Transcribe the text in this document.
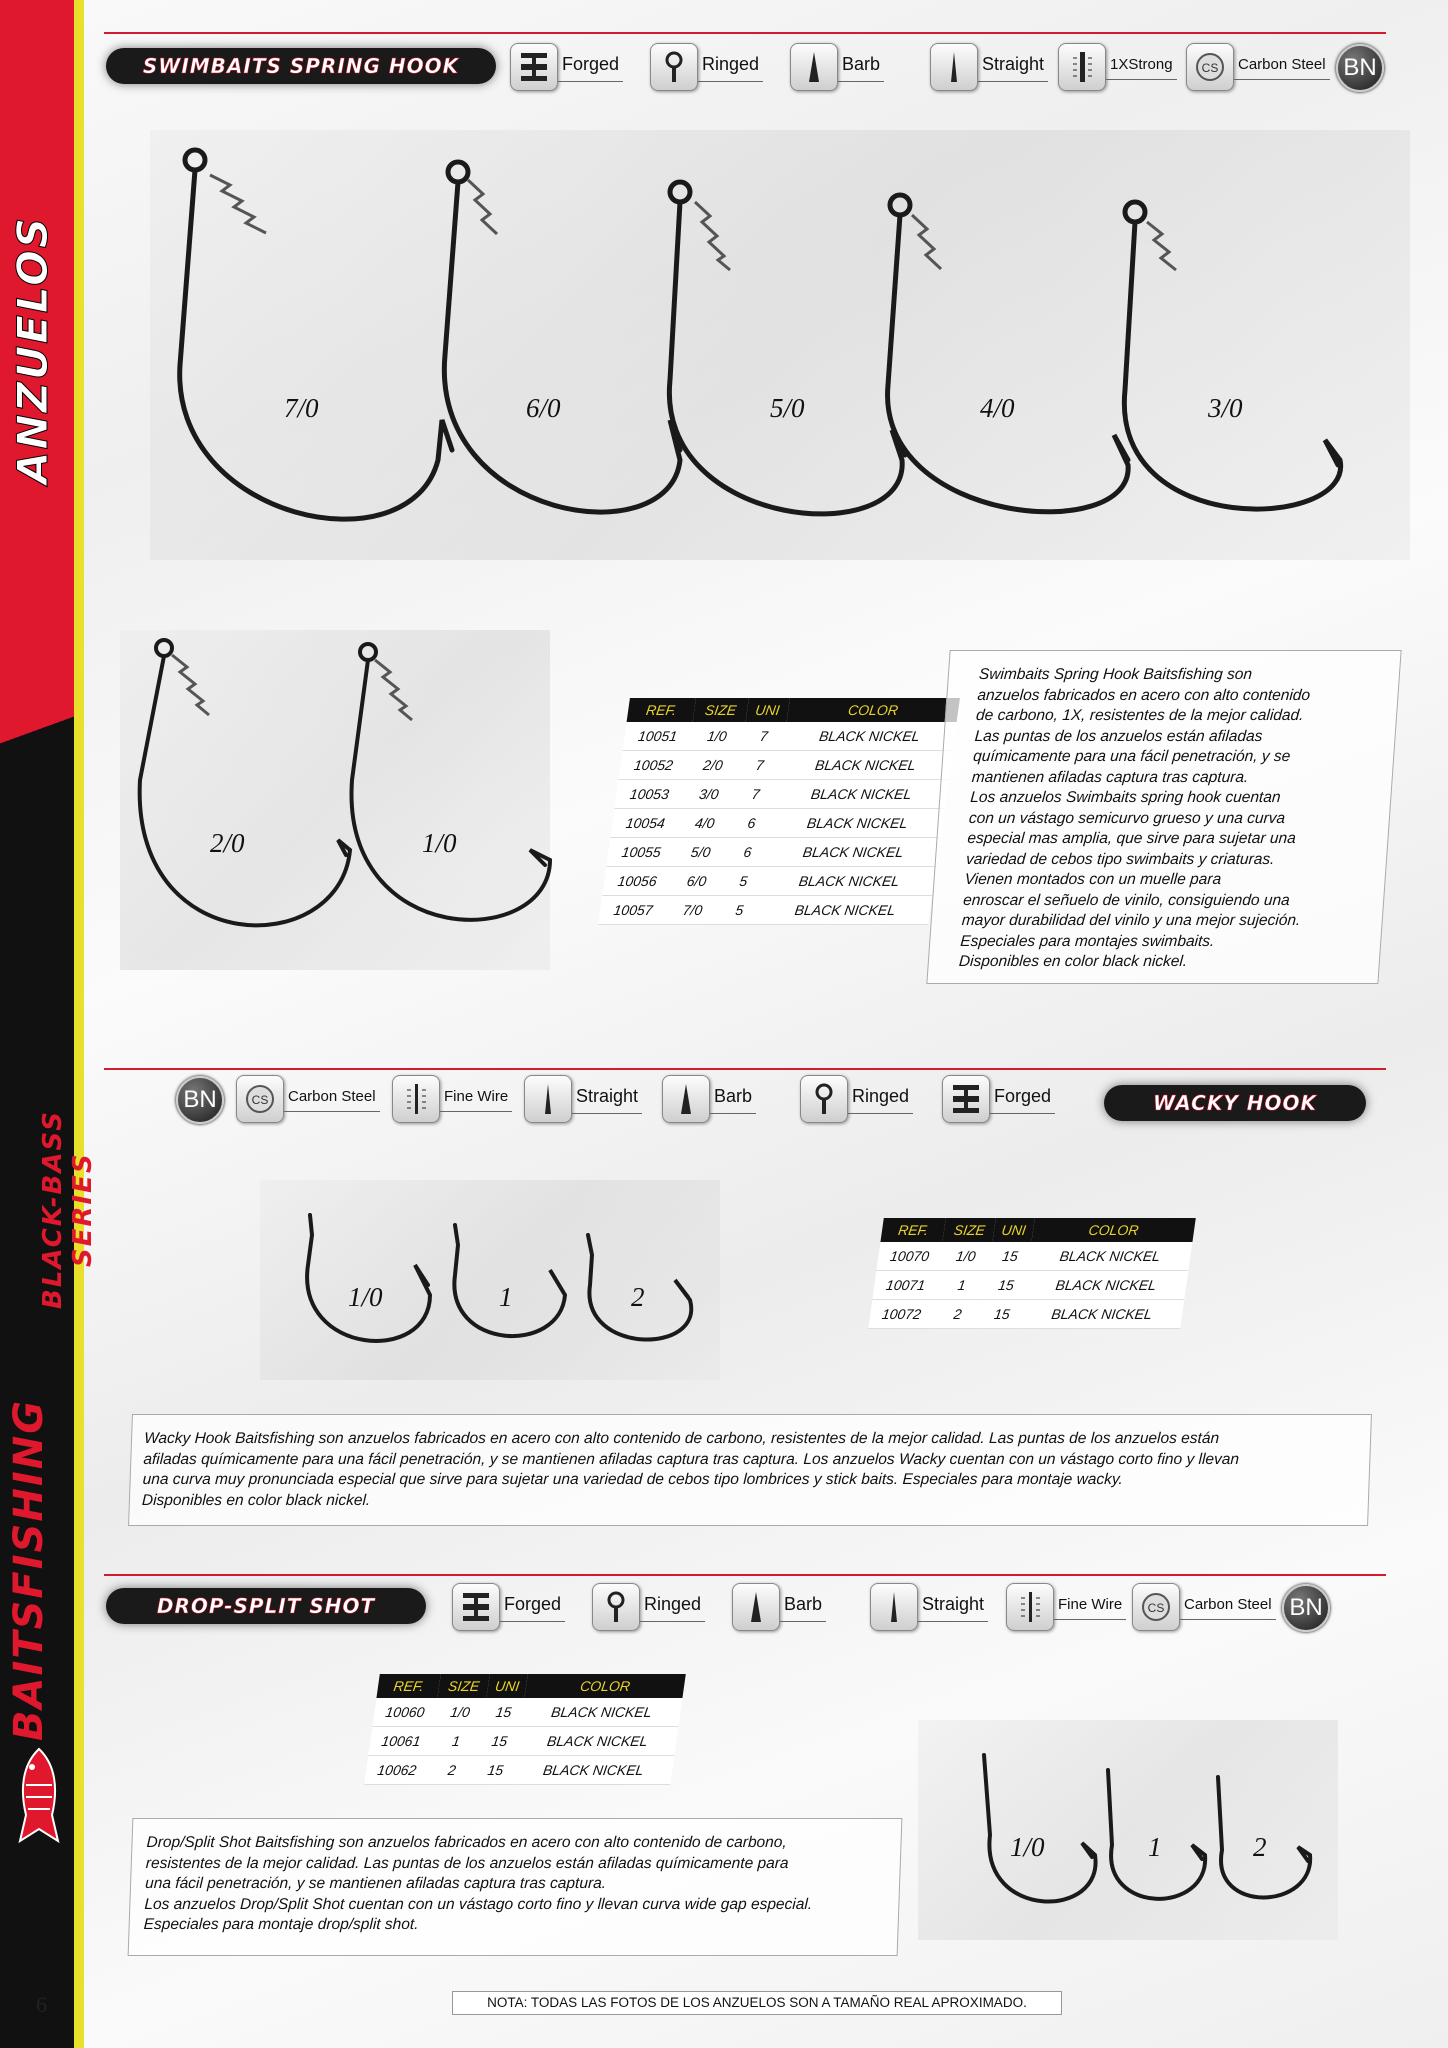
ANZUELOS
BLACK-BASS SERIES
BAITSFISHING
6
SWIMBAITS SPRING HOOK	Forged	Ringed	Barb	Straight	1XStrong	CS Carbon Steel BN
7/0	6/0	5/0	4/0	3/0
2/0	1/0
REF.	SIZE	UNI	COLOR
10051	1/0	7	BLACK NICKEL
10052	2/0	7	BLACK NICKEL
10053	3/0	7	BLACK NICKEL
10054	4/0	6	BLACK NICKEL
10055	5/0	6	BLACK NICKEL
10056	6/0	5	BLACK NICKEL
10057	7/0	5	BLACK NICKEL
Swimbaits Spring Hook Baitsfishing son
anzuelos fabricados en acero con alto contenido
de carbono, 1X, resistentes de la mejor calidad.
Las puntas de los anzuelos están afiladas
químicamente para una fácil penetración, y se
mantienen afiladas captura tras captura.
Los anzuelos Swimbaits spring hook cuentan
con un vástago semicurvo grueso y una curva
especial mas amplia, que sirve para sujetar una
variedad de cebos tipo swimbaits y criaturas.
Vienen montados con un muelle para
enroscar el señuelo de vinilo, consiguiendo una
mayor durabilidad del vinilo y una mejor sujeción.
Especiales para montajes swimbaits.
Disponibles en color black nickel.
BN	CS Carbon Steel	Fine Wire	Straight	Barb	Ringed	Forged	WACKY HOOK
1/0	1	2
REF.	SIZE	UNI	COLOR
10070	1/0	15	BLACK NICKEL
10071	1	15	BLACK NICKEL
10072	2	15	BLACK NICKEL
Wacky Hook Baitsfishing son anzuelos fabricados en acero con alto contenido de carbono, resistentes de la mejor calidad. Las puntas de los anzuelos están
afiladas químicamente para una fácil penetración, y se mantienen afiladas captura tras captura. Los anzuelos Wacky cuentan con un vástago corto fino y llevan
una curva muy pronunciada especial que sirve para sujetar una variedad de cebos tipo lombrices y stick baits. Especiales para montaje wacky.
Disponibles en color black nickel.
DROP-SPLIT SHOT	Forged	Ringed	Barb	Straight	Fine Wire	CS Carbon Steel BN
REF.	SIZE	UNI	COLOR
10060	1/0	15	BLACK NICKEL
10061	1	15	BLACK NICKEL
10062	2	15	BLACK NICKEL
1/0	1	2
Drop/Split Shot Baitsfishing son anzuelos fabricados en acero con alto contenido de carbono,
resistentes de la mejor calidad. Las puntas de los anzuelos están afiladas químicamente para
una fácil penetración, y se mantienen afiladas captura tras captura.
Los anzuelos Drop/Split Shot cuentan con un vástago corto fino y llevan curva wide gap especial.
Especiales para montaje drop/split shot.
NOTA: TODAS LAS FOTOS DE LOS ANZUELOS SON A TAMAÑO REAL APROXIMADO.
